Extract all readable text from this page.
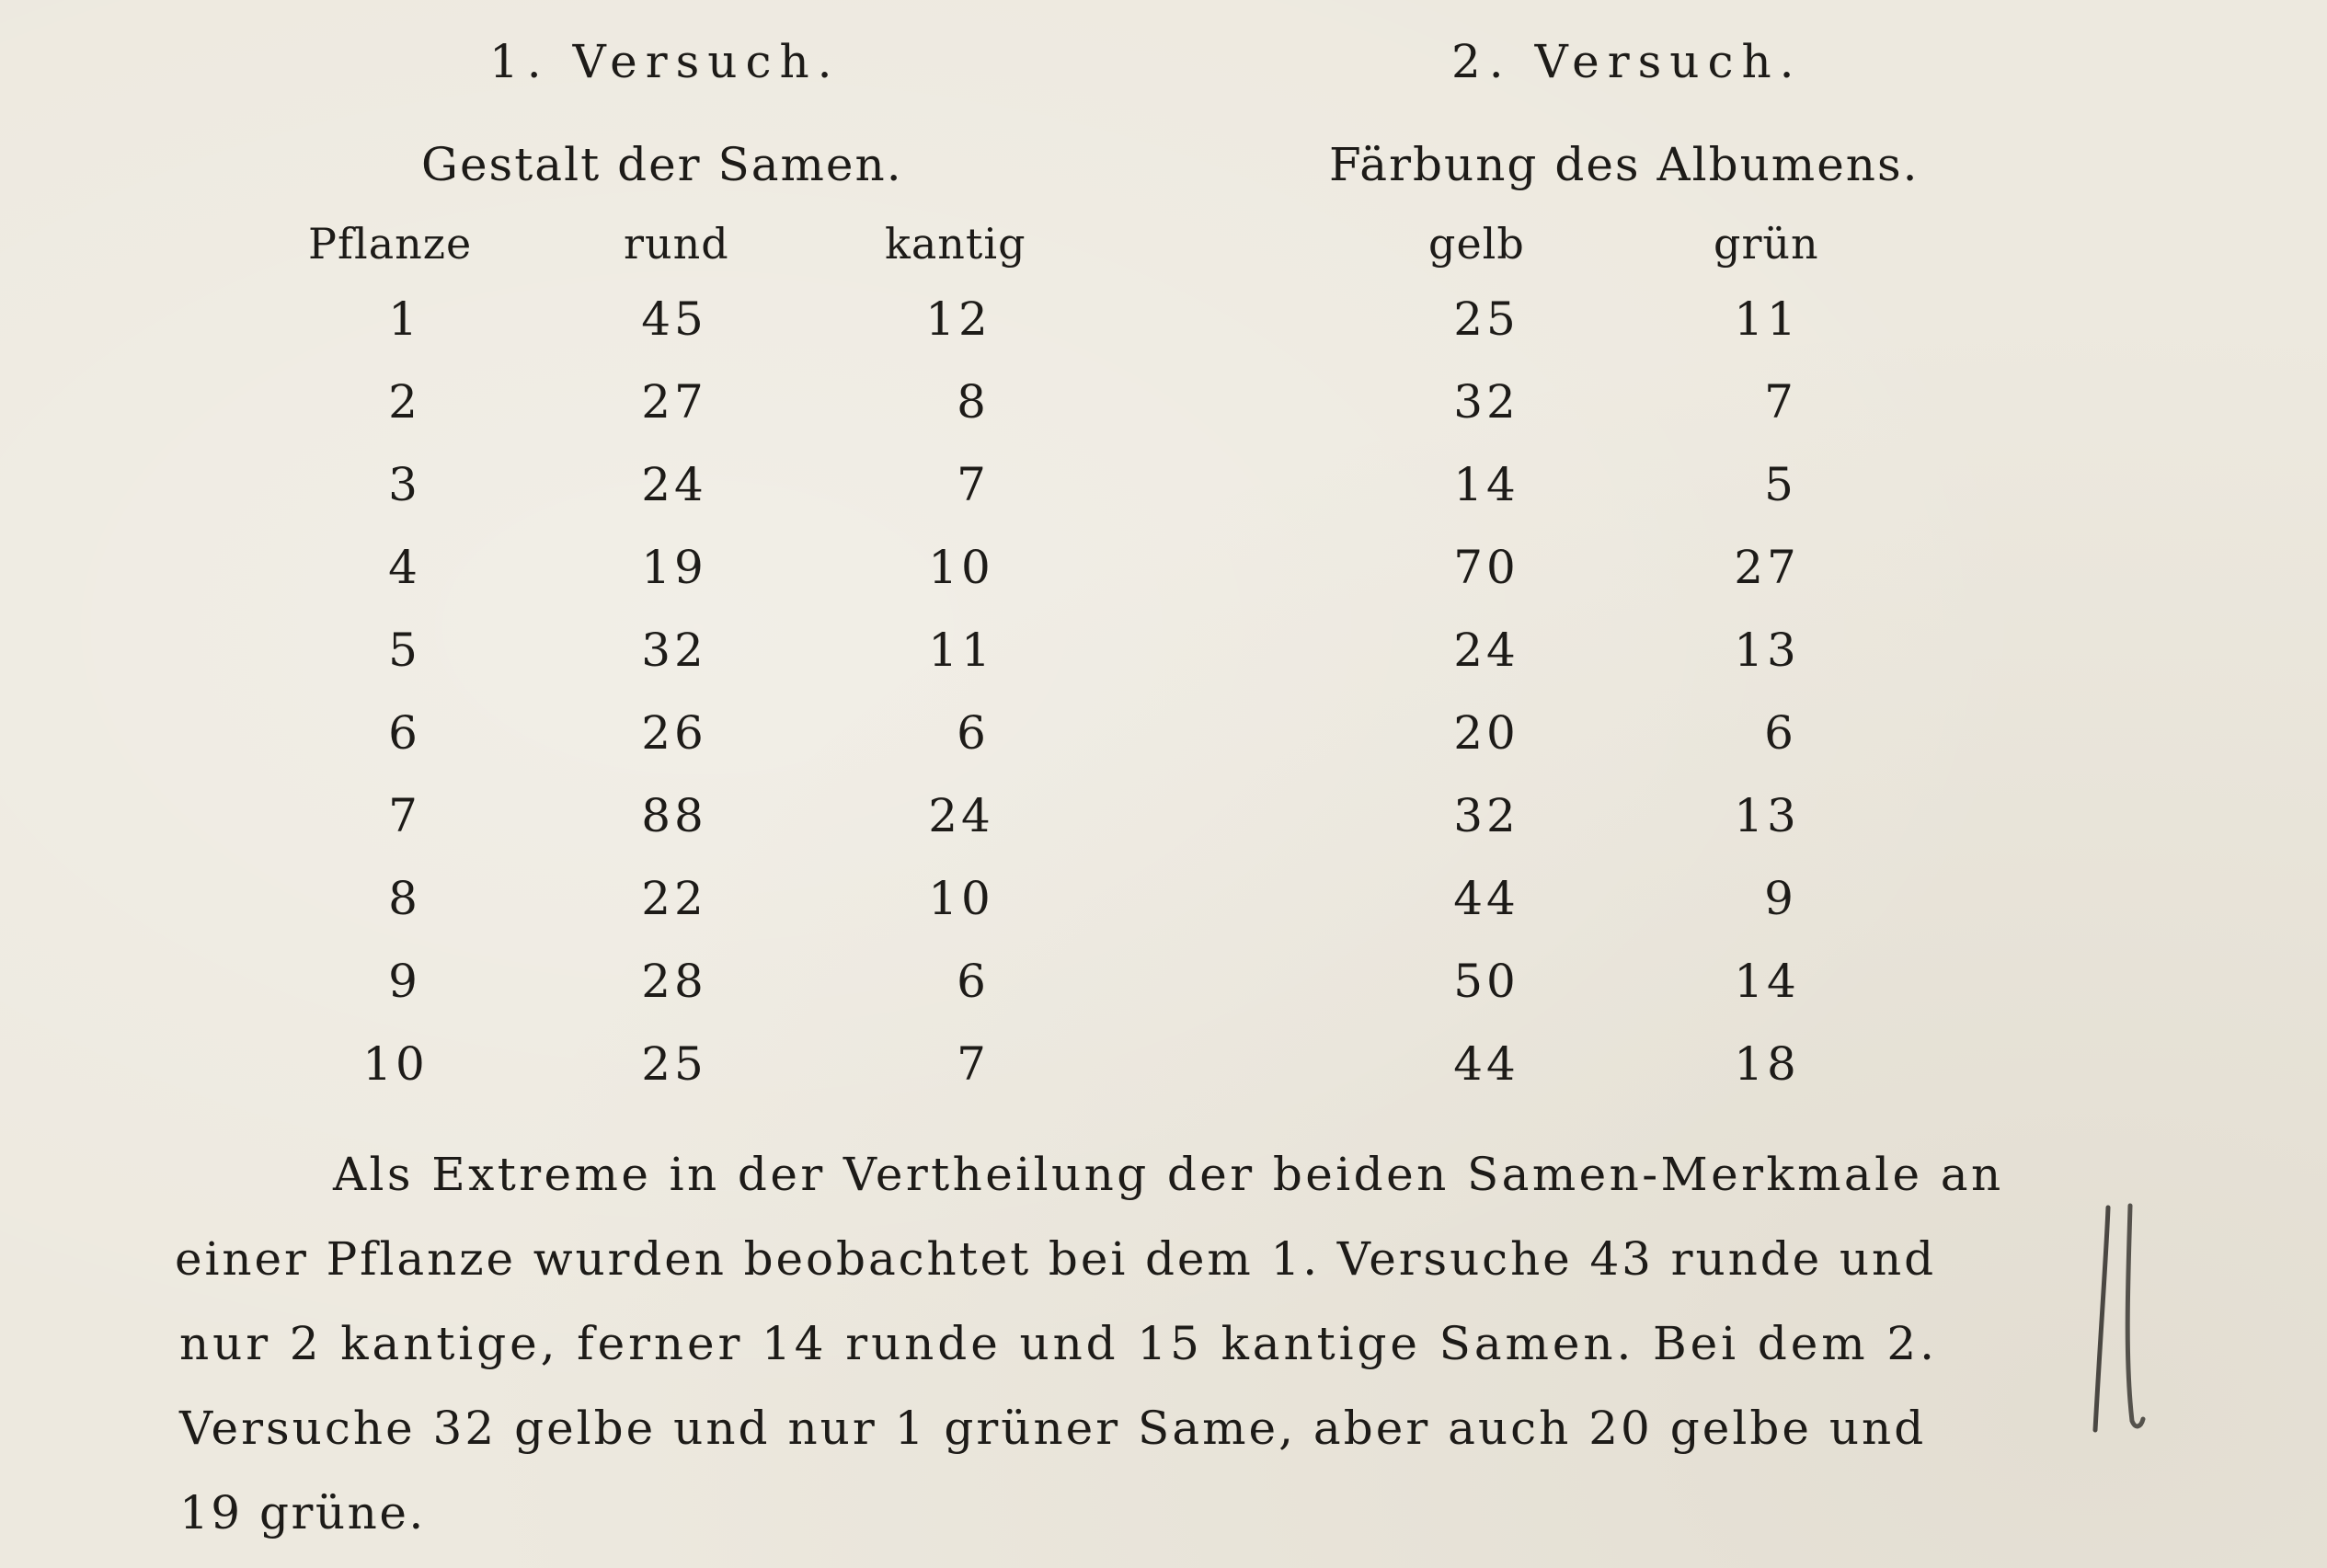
1. Versuch.	2. Versuch.
Gestalt der Samen.	Färbung des Albumens.
Pflanze	rund	kantig	gelb	grün
1	45	12	25	11
2	27	8	32	7
3	24	7	14	5
4	19	10	70	27
5	32	11	24	13
6	26	6	20	6
7	88	24	32	13
8	22	10	44	9
9	28	6	50	14
10	25	7	44	18
Als Extreme in der Vertheilung der beiden Samen-Merkmale an
einer Pflanze wurden beobachtet bei dem 1. Versuche 43 runde und
nur 2 kantige, ferner 14 runde und 15 kantige Samen. Bei dem 2.
Versuche 32 gelbe und nur 1 grüner Same, aber auch 20 gelbe und
19 grüne.
